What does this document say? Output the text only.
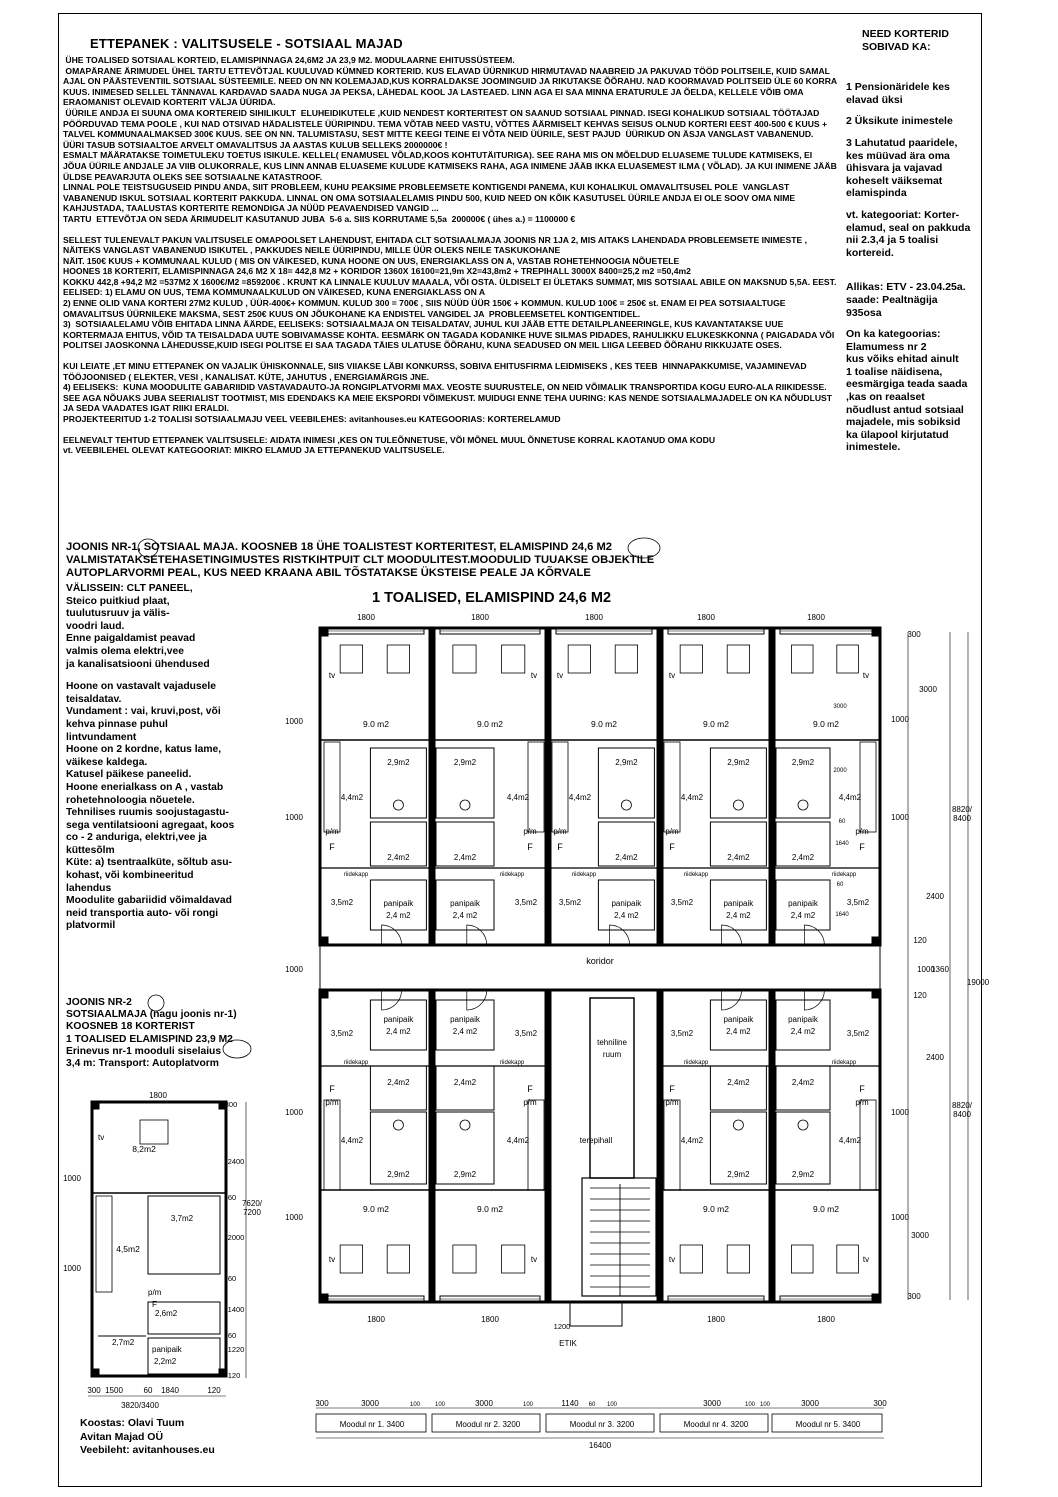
ETTEPANEK : VALITSUSELE - SOTSIAAL MAJAD

ÜHE TOALISED SOTSIAAL KORTEID, ELAMISPINNAGA 24,6M2 JA 23,9 M2. MODULAARNE EHITUSSÜSTEEM.

OMAPÄRANE ÄRIMUDEL ÜHEL TARTU ETTEVÕTJAL KUULUVAD KÜMNED KORTERID. KUS ELAVAD ÜÜRNIKUD HIRMUTAVAD NAABREID JA PAKUVAD TÖÖD POLITSEILE, KUID SAMAL AJAL ON PÄÄSTEVENTIIL SOTSIAAL SÜSTEEMILE. NEED ON NN KOLEMAJAD,KUS KORRALDAKSE JOOMINGUID JA RIKUTAKSE ÕÕRAHU. NAD KOORMAVAD POLITSEID ÜLE 60 KORRA KUUS. INIMESED SELLEL TÄNNAVAL KARDAVAD SAADA NUGA JA PEKSA, LÄHEDAL KOOL JA LASTEAED. LINN AGA EI SAA MINNA ERATURULE JA ÕELDA, KELLELE VÕIB OMA ERAOMANIST OLEVAID KORTERIT VÄLJA ÜÜRIDA.

ÜÜRILE ANDJA EI SUUNA OMA KORTEREID SIHILIKULT  ELUHEIDIKUTELE ,KUID NENDEST KORTERITEST ON SAANUD SOTSIAAL PINNAD. ISEGI KOHALIKUD SOTSIAAL TÖÖTAJAD PÖÖRDUVAD TEMA POOLE , KUI NAD OTSIVAD HÄDALISTELE ÜÜRIPINDU. TEMA VÕTAB NEED VASTU, VÕTTES ÄÄRMISELT KEHVAS SEISUS OLNUD KORTERI EEST 400-500 € KUUS + TALVEL KOMMUNAALMAKSED 300€ KUUS. SEE ON NN. TALUMISTASU, SEST MITTE KEEGI TEINE EI VÕTA NEID ÜÜRILE, SEST PAJUD  ÜÜRIKUD ON ÄSJA VANGLAST VABANENUD.

ÜÜRI TASUB SOTSIAALTOE ARVELT OMAVALITSUS JA AASTAS KULUB SELLEKS 2000000€ !

ESMALT MÄÄRATAKSE TOIMETULEKU TOETUS ISIKULE. KELLEL( ENAMUSEL VÕLAD,KOOS KOHTUTÄITURIGA). SEE RAHA MIS ON MÕELDUD ELUASEME TULUDE KATMISEKS, EI JÕUA ÜÜRILE ANDJALE JA VIIB OLUKORRALE, KUS LINN ANNAB ELUASEME KULUDE KATMISEKS RAHA, AGA INIMENE JÄÄB IKKA ELUASEMEST ILMA ( VÕLAD). JA KUI INIMENE JÄÄB ÜLDSE PEAVARJUTA OLEKS SEE SOTSIAALNE KATASTROOF.

LINNAL POLE TEISTSUGUSEID PINDU ANDA, SIIT PROBLEEM, KUHU PEAKSIME PROBLEEMSETE KONTIGENDI PANEMA, KUI KOHALIKUL OMAVALITSUSEL POLE  VANGLAST VABANENUD ISKUL SOTSIAAL KORTERIT PAKKUDA. LINNAL ON OMA SOTSIAALELAMIS PINDU 500, KUID NEED ON KÕIK KASUTUSEL ÜÜRILE ANDJA EI OLE SOOV OMA NIME KAHJUSTADA, TAALUSTAS KORTERITE REMONDIGA JA NÜÜD PEAVAENDISED VANGID ...

TARTU  ETTEVÕTJA ON SEDA ÄRIMUDELIT KASUTANUD JUBA  5-6 a. SIIS KORRUTAME 5,5a  200000€ ( ühes a.) = 1100000 €

SELLEST TULENEVALT PAKUN VALITSUSELE OMAPOOLSET LAHENDUST, EHITADA CLT SOTSIAALMAJA JOONIS NR 1JA 2, MIS AITAKS LAHENDADA PROBLEEMSETE INIMESTE , NÄITEKS VANGLAST VABANENUD ISIKUTEL , PAKKUDES NEILE ÜÜRIPINDU, MILLE ÜÜR OLEKS NEILE TASKUKOHANE

NÄIT. 150€ KUUS + KOMMUNAAL KULUD ( MIS ON VÄIKESED, KUNA HOONE ON UUS, ENERGIAKLASS ON A, VASTAB ROHETEHNOOGIA NÕUETELE

HOONES 18 KORTERIT, ELAMISPINNAGA 24,6 M2 X 18= 442,8 M2 + KORIDOR 1360X 16100=21,9m X2=43,8m2 + TREPIHALL 3000X 8400=25,2 m2 =50,4m2

KOKKU 442,8 +94,2 M2 =537M2 X 1600€/M2 =859200€ . KRUNT KA LINNALE KUULUV MAAALA, VÕI OSTA. ÜLDISELT EI ÜLETAKS SUMMAT, MIS SOTSIAAL ABILE ON MAKSNUD 5,5A. EEST.

EELISED: 1) ELAMU ON UUS, TEMA KOMMUNAALKULUD ON VÄIKESED, KUNA ENERGIAKLASS ON A

2) ENNE OLID VANA KORTERI 27M2 KULUD , ÜÜR-400€+ KOMMUN. KULUD 300 = 700€ , SIIS NÜÜD ÜÜR 150€ + KOMMUN. KULUD 100€ = 250€ st. ENAM EI PEA SOTSIAALTUGE  OMAVALITSUS ÜÜRNILEKE MAKSMA, SEST 250€ KUUS ON JÕUKOHANE KA ENDISTEL VANGIDEL JA  PROBLEEMSETEL KONTIGENTIDEL.

3)  SOTSIAALELAMU VÕIB EHITADA LINNA ÄÄRDE, EELISEKS: SOTSIAALMAJA ON TEISALDATAV, JUHUL KUI JÄÄB ETTE DETAILPLANEERINGLE, KUS KAVANTATAKSE UUE KORTERMAJA EHITUS, VÕID TA TEISALDADA UUTE SOBIVAMASSE KOHTA. EESMÄRK ON TAGADA KODANIKE HUVE SILMAS PIDADES, RAHULIKKU ELUKESKKONNA ( PAIGADADA VÕI POLITSEI JAOSKONNA LÄHEDUSSE,KUID ISEGI POLITSE EI SAA TAGADA TÄIES ULATUSE ÕÕRAHU, KUNA SEADUSED ON MEIL LIIGA LEEBED ÕÕRAHU RIKKUJATE OSES.

KUI LEIATE ,ET MINU ETTEPANEK ON VAJALIK ÜHISKONNALE, SIIS VIIAKSE LÄBI KONKURSS, SOBIVA EHITUSFIRMA LEIDMISEKS , KES TEEB  HINNAPAKKUMISE, VAJAMINEVAD TÖÖJOONISED ( ELEKTER, VESI , KANALISAT. KÜTE, JAHUTUS , ENERGIAMÄRGIS JNE.

4) EELISEKS:  KUNA MOODULITE GABARIIDID VASTAVADAUTO-JA RONGIPLATVORMI MAX. VEOSTE SUURUSTELE, ON NEID VÕIMALIK TRANSPORTIDA KOGU EURO-ALA RIIKIDESSE. SEE AGA NÕUAKS JUBA SEERIALIST TOOTMIST, MIS EDENDAKS KA MEIE EKSPORDI VÕIMEKUST. MUIDUGI ENNE TEHA UURING: KAS NENDE SOTSIAALMAJADELE ON KA NÕUDLUST JA SEDA VAADATES IGAT RIIKI ERALDI.

PROJEKTEERITUD 1-2 TOALISI SOTSIAALMAJU VEEL VEEBILEHES: avitanhouses.eu KATEGOORIAS: KORTERELAMUD

EELNEVALT TEHTUD ETTEPANEK VALITSUSELE: AIDATA INIMESI ,KES ON TULEÕNNETUSE, VÕI MÕNEL MUUL ÕNNETUSE KORRAL KAOTANUD OMA KODU

vt. VEEBILEHEL OLEVAT KATEGOORIAT: MIKRO ELAMUD JA ETTEPANEKUD VALITSUSELE.

NEED KORTERID
SOBIVAD KA:

1 Pensionäridele kes
elavad üksi

2 Üksikute inimestele

3 Lahutatud paaridele,
kes müüvad ära oma
ühisvara ja vajavad
koheselt väiksemat
elamispinda

vt. kategooriat: Korter-
elamud, seal on pakkuda
nii 2.3,4 ja 5 toalisi
kortereid.

Allikas: ETV - 23.04.25a.
saade: Pealtnägija
935osa

On ka kategoorias:
Elamumess nr 2
kus võiks ehitad ainult
1 toalise näidisena,
eesmärgiga teada saada
,kas on reaalset
nõudlust antud sotsiaal
majadele, mis sobiksid
ka ülapool kirjutatud
inimestele.

JOONIS NR-1, SOTSIAAL MAJA. KOOSNEB 18 ÜHE TOALISTEST KORTERITEST, ELAMISPIND 24,6 M2

VALMISTATAKSETEHASETINGIMUSTES RISTKIHTPUIT CLT MOODULITEST.MOODULID TUUAKSE OBJEKTILE

AUTOPLARVORMI PEAL, KUS NEED KRAANA ABIL TÕSTATAKSE ÜKSTEISE PEALE JA KÕRVALE

1 TOALISED, ELAMISPIND 24,6 M2

VÄLISSEIN: CLT PANEEL,
Steico puitkiud plaat,
tuulutusruuv ja välis-
voodri laud.
Enne paigaldamist peavad
valmis olema elektri,vee
ja kanalisatsiooni ühendused

Hoone on vastavalt vajadusele
teisaldatav.
Vundament : vai, kruvi,post, või
kehva pinnase puhul
lintvundament
Hoone on 2 kordne, katus lame,
väikese kaldega.
Katusel päikese paneelid.
Hoone enerialkass on A , vastab
rohetehnoloogia nõuetele.
Tehnilises ruumis soojustagastu-
sega ventilatsiooni agregaat, koos
co - 2 anduriga, elektri,vee ja
küttesõlm
Küte: a) tsentraalküte, sõltub asu-
kohast, või kombineeritud
lahendus
Moodulite gabariidid võimaldavad
neid transportia auto- või rongi
platvormil

JOONIS NR-2

SOTSIAALMAJA (nagu joonis nr-1)

KOOSNEB 18 KORTERIST

1 TOALISED ELAMISPIND 23,9 M2

Erinevus nr-1 mooduli siselaius

3,4 m: Transport: Autoplatvorm

Koostas: Olavi Tuum

Avitan Majad OÜ

Veebileht: avitanhouses.eu

koridor
9.0 m2
tv
2,9m2
4,4m2
p/m
F
2,4m2
riidekapp
3,5m2	panipaik
2,4 m2
9.0 m2
tv
2,9m2
4,4m2
p/m
F
2,4m2
riidekapp
3,5m2
panipaik
2,4 m2
9.0 m2
tv
2,9m2
4,4m2
p/m
F
2,4m2
riidekapp
3,5m2	panipaik
2,4 m2
9.0 m2
tv
2,9m2
4,4m2
p/m
F
2,4m2
riidekapp
3,5m2	panipaik
2,4 m2
9.0 m2
tv
2,9m2
4,4m2
p/m
F
2,4m2
riidekapp
3,5m2
panipaik
2,4 m2
9.0 m2
tv
2,9m2
4,4m2
F
p/m
2,4m2
riidekapp
3,5m2
panipaik
2,4 m2
9.0 m2
tv
2,9m2
4,4m2
F
p/m
2,4m2
riidekapp
3,5m2
panipaik
2,4 m2
9.0 m2
tv
2,9m2
4,4m2
F
p/m
2,4m2
riidekapp
3,5m2
panipaik
2,4 m2
9.0 m2
tv
2,9m2
4,4m2
F
p/m
2,4m2
riidekapp
3,5m2
panipaik
2,4 m2
tehniline
ruum
terepihall
ETIK
1200
1800	1800	1800	1800	1800
1800	1800	1800	1800
1000
1000
1000
1000
1000
300
3000
1000
1000
2400
120
1000
1360
120
2400
1000
1000
3000
300
8820/ 8400
19000
8820/ 8400
3000
2000
60
1640
60
1640
300	3000	100 100	3000	100	1140 60 100	3000	100 100	3000	300
Moodul nr 1. 3400	Moodul nr 2. 3200	Moodul nr 3. 3200	Moodul nr 4. 3200	Moodul nr 5. 3400
16400
tv
8,2m2
3,7m2
4,5m2
p/m
F
2,6m2
panipaik
2,2m2
2,7m2
1800
300
2400
60
2000
60
1400
60
1220
120
7620/ 7200
1000
1000
300 1500	60 1840	120
3820/3400
